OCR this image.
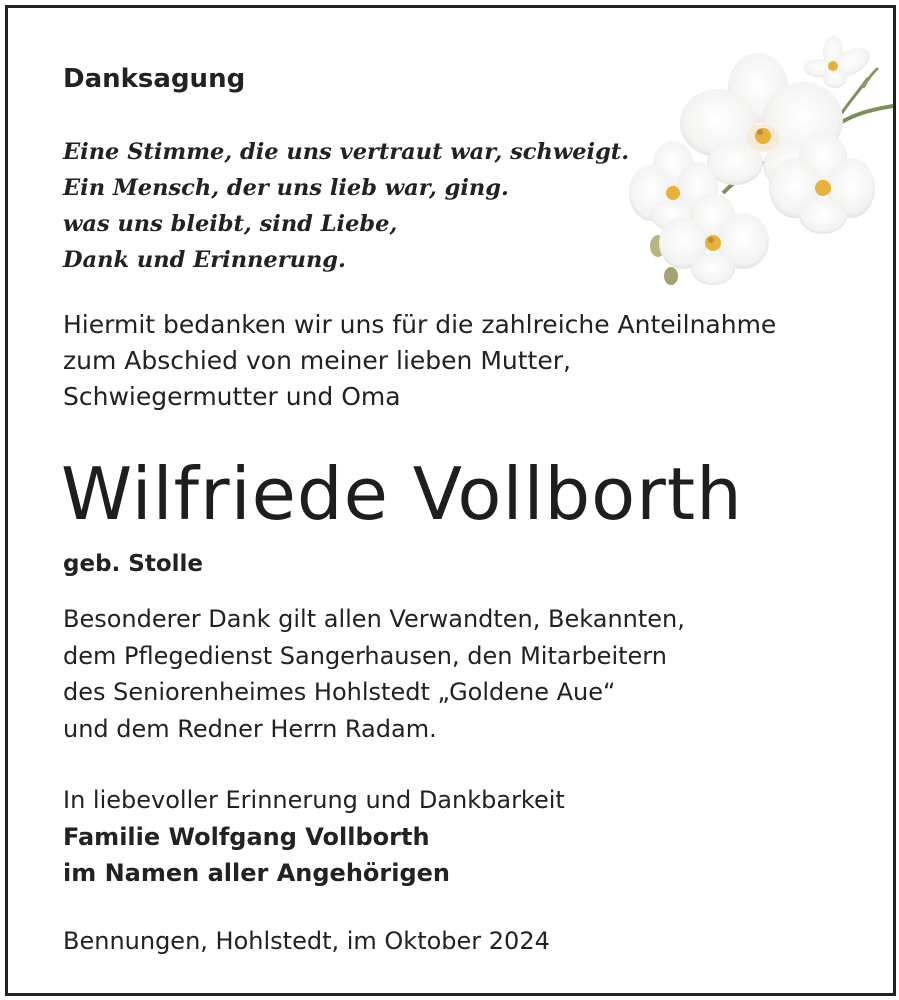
Danksagung
Eine Stimme, die uns vertraut war, schweigt.
Ein Mensch, der uns lieb war, ging.
was uns bleibt, sind Liebe,
Dank und Erinnerung.
Hiermit bedanken wir uns für die zahlreiche Anteilnahme
zum Abschied von meiner lieben Mutter,
Schwiegermutter und Oma
Wilfriede Vollborth
geb. Stolle
Besonderer Dank gilt allen Verwandten, Bekannten,
dem Pflegedienst Sangerhausen, den Mitarbeitern
des Seniorenheimes Hohlstedt „Goldene Aue“
und dem Redner Herrn Radam.
In liebevoller Erinnerung und Dankbarkeit
Familie Wolfgang Vollborth
im Namen aller Angehörigen
Bennungen, Hohlstedt, im Oktober 2024
